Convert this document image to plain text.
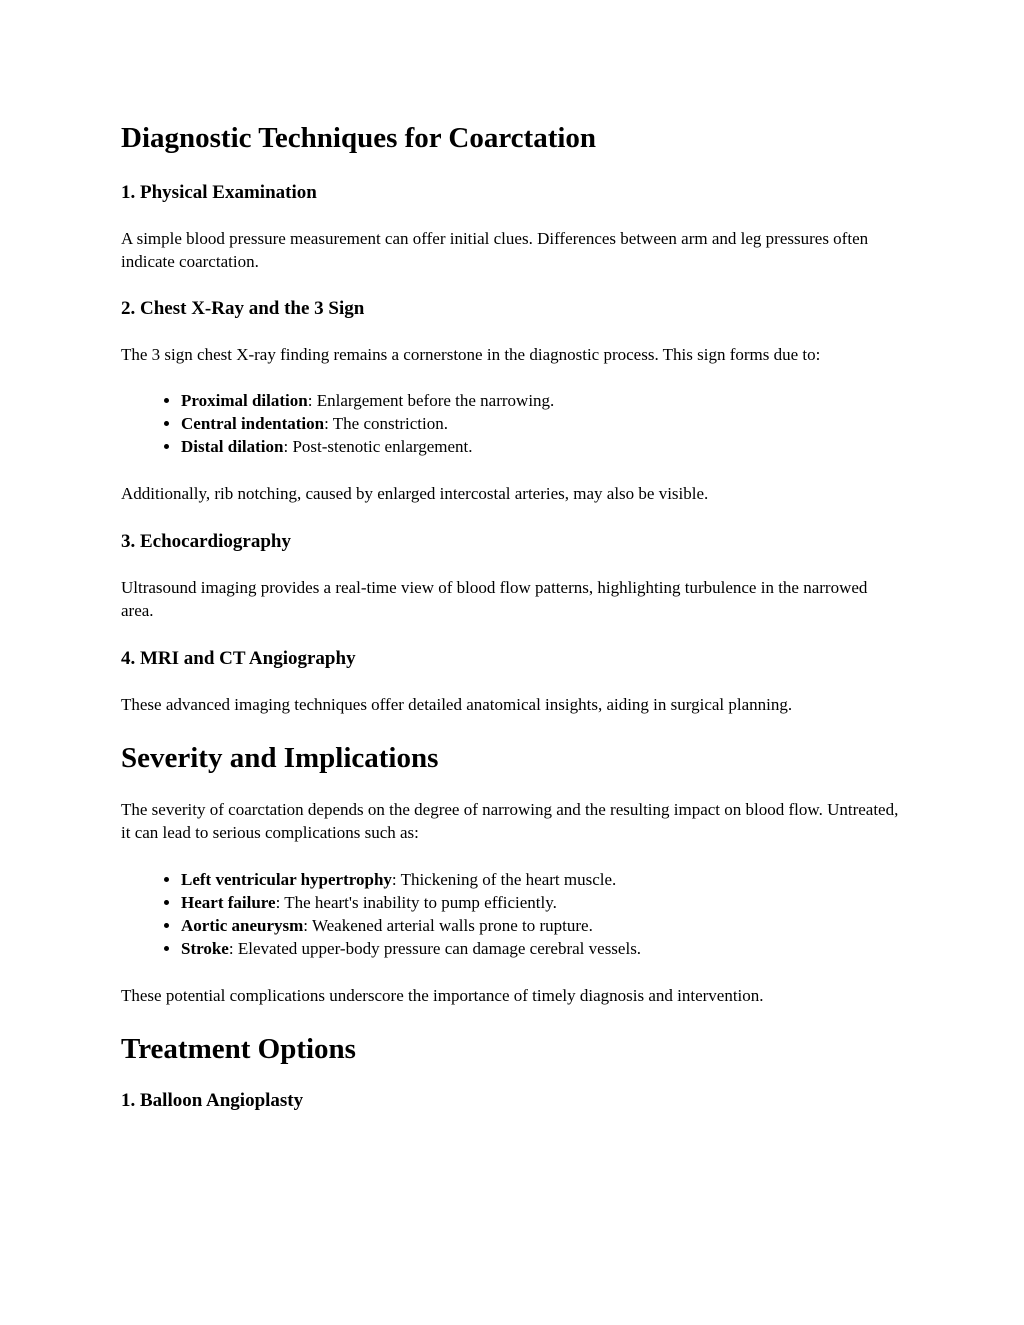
Diagnostic Techniques for Coarctation
1. Physical Examination

A simple blood pressure measurement can offer initial clues. Differences between arm and leg pressures often indicate coarctation.

2. Chest X-Ray and the 3 Sign

The 3 sign chest X-ray finding remains a cornerstone in the diagnostic process. This sign forms due to:

• Proximal dilation: Enlargement before the narrowing.
• Central indentation: The constriction.
• Distal dilation: Post-stenotic enlargement.

Additionally, rib notching, caused by enlarged intercostal arteries, may also be visible.

3. Echocardiography

Ultrasound imaging provides a real-time view of blood flow patterns, highlighting turbulence in the narrowed area.

4. MRI and CT Angiography

These advanced imaging techniques offer detailed anatomical insights, aiding in surgical planning.

Severity and Implications

The severity of coarctation depends on the degree of narrowing and the resulting impact on blood flow. Untreated, it can lead to serious complications such as:

• Left ventricular hypertrophy: Thickening of the heart muscle.
• Heart failure: The heart's inability to pump efficiently.
• Aortic aneurysm: Weakened arterial walls prone to rupture.
• Stroke: Elevated upper-body pressure can damage cerebral vessels.

These potential complications underscore the importance of timely diagnosis and intervention.

Treatment Options
1. Balloon Angioplasty
